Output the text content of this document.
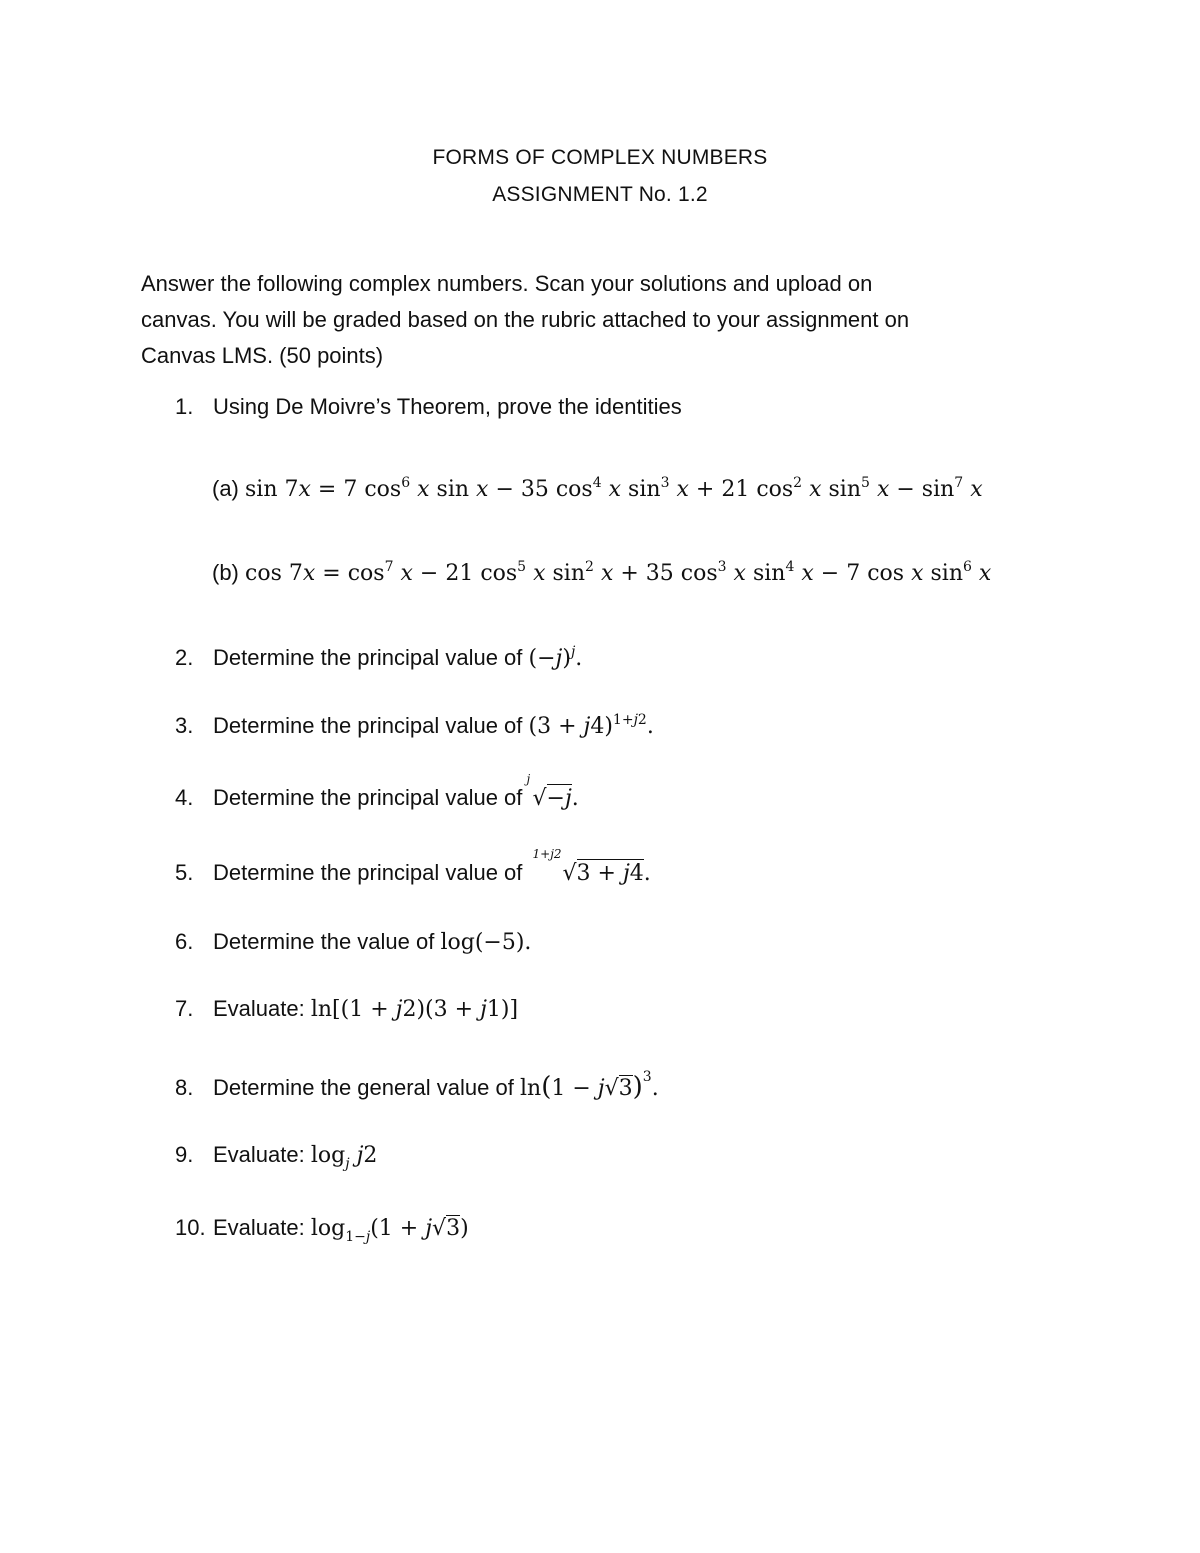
FORMS OF COMPLEX NUMBERS
ASSIGNMENT No. 1.2
Answer the following complex numbers. Scan your solutions and upload on
canvas. You will be graded based on the rubric attached to your assignment on
Canvas LMS. (50 points)
1. Using De Moivre’s Theorem, prove the identities
(a) sin 7x = 7 $\cos^6 x$ sin x − 35 $\cos^4 x$ $\sin^3 x + 21$ $\cos^2 x$ $\sin^5 x - \sin^7 x$
(b) $\cos 7x = \cos^7 x - 21$ $\cos^5 x$ $\sin^2 x + 35$ $\cos^3 x$ $\sin^4 x - 7$ cos x $\sin^6 x$
2. Determine the principal value of $(-j)^j$.
3. Determine the principal value of $(3 + j4)^{1+j2}$.
4. Determine the principal value of
j
√−j.
5. Determine the principal value of
1+j2
√3 + j4.
6. Determine the value of log(−5).
7. Evaluate: ln[(1 + j2)(3 + j1)]
8. Determine the general value of $\ln(1 - j√3)^3$.
9. Evaluate: $\log_j j2$
10. Evaluate: $\log_{1-j}(1 + j√3)$
